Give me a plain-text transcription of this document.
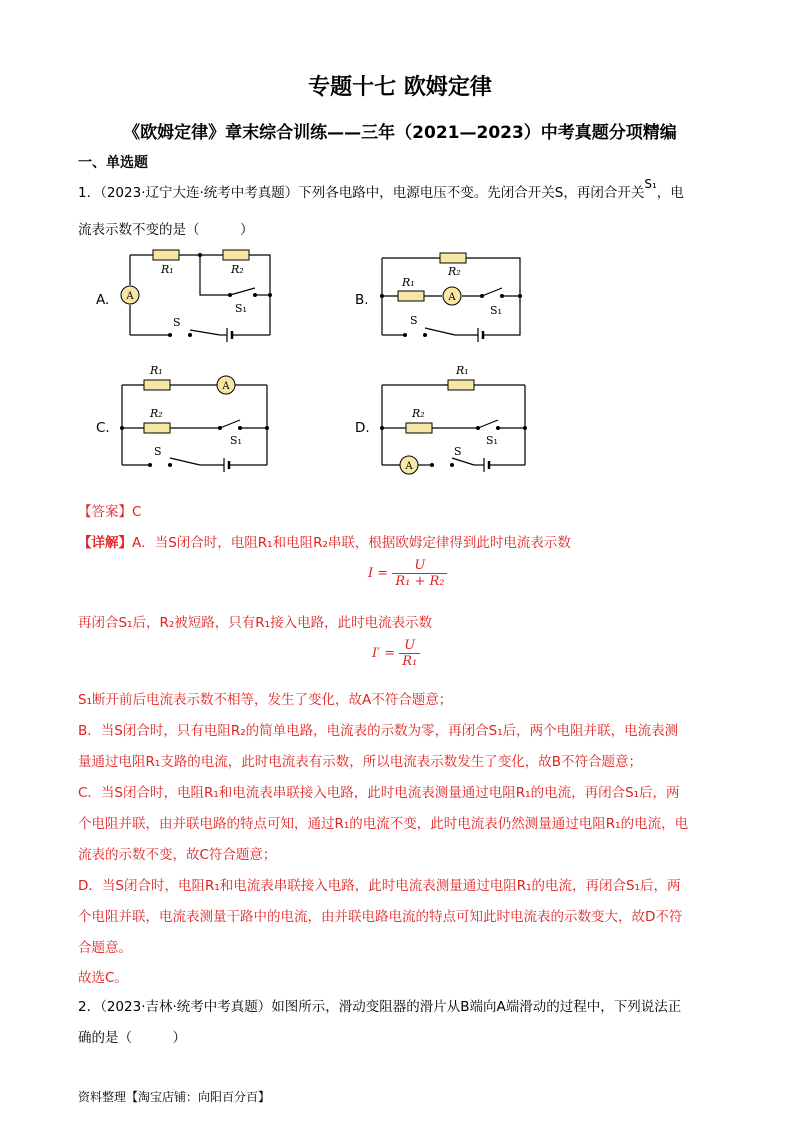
专题十七 欧姆定律
《欧姆定律》章末综合训练——三年（2021—2023）中考真题分项精编
一、单选题
1．（2023·辽宁大连·统考中考真题）下列各电路中，电源电压不变。先闭合开关S，再闭合开关S₁，电
流表示数不变的是（　　　）
A.	B.
C.	D.
A
R₁	R₂
S
S₁
A
R₂
R₁
S
S₁
A
R₁
R₂
S
S₁
A
R₁
R₂
S
S₁
【答案】C
【详解】A．当S闭合时，电阻R₁和电阻R₂串联，根据欧姆定律得到此时电流表示数
$I = \frac{U}{\text{R₁ + R₂}}$
再闭合S₁后，R₂被短路，只有R₁接入电路，此时电流表示数
$I' = \frac{U}{\text{R₁}}$
S₁断开前后电流表示数不相等，发生了变化，故A不符合题意；
B．当S闭合时，只有电阻R₂的简单电路，电流表的示数为零，再闭合S₁后，两个电阻并联，电流表测
量通过电阻R₁支路的电流，此时电流表有示数，所以电流表示数发生了变化，故B不符合题意；
C．当S闭合时，电阻R₁和电流表串联接入电路，此时电流表测量通过电阻R₁的电流，再闭合S₁后，两
个电阻并联，由并联电路的特点可知，通过R₁的电流不变，此时电流表仍然测量通过电阻R₁的电流，电
流表的示数不变，故C符合题意；
D．当S闭合时，电阻R₁和电流表串联接入电路，此时电流表测量通过电阻R₁的电流，再闭合S₁后，两
个电阻并联，电流表测量干路中的电流，由并联电路电流的特点可知此时电流表的示数变大，故D不符
合题意。
故选C。
2．（2023·吉林·统考中考真题）如图所示，滑动变阻器的滑片从B端向A端滑动的过程中，下列说法正
确的是（　　　）
资料整理【淘宝店铺：向阳百分百】
